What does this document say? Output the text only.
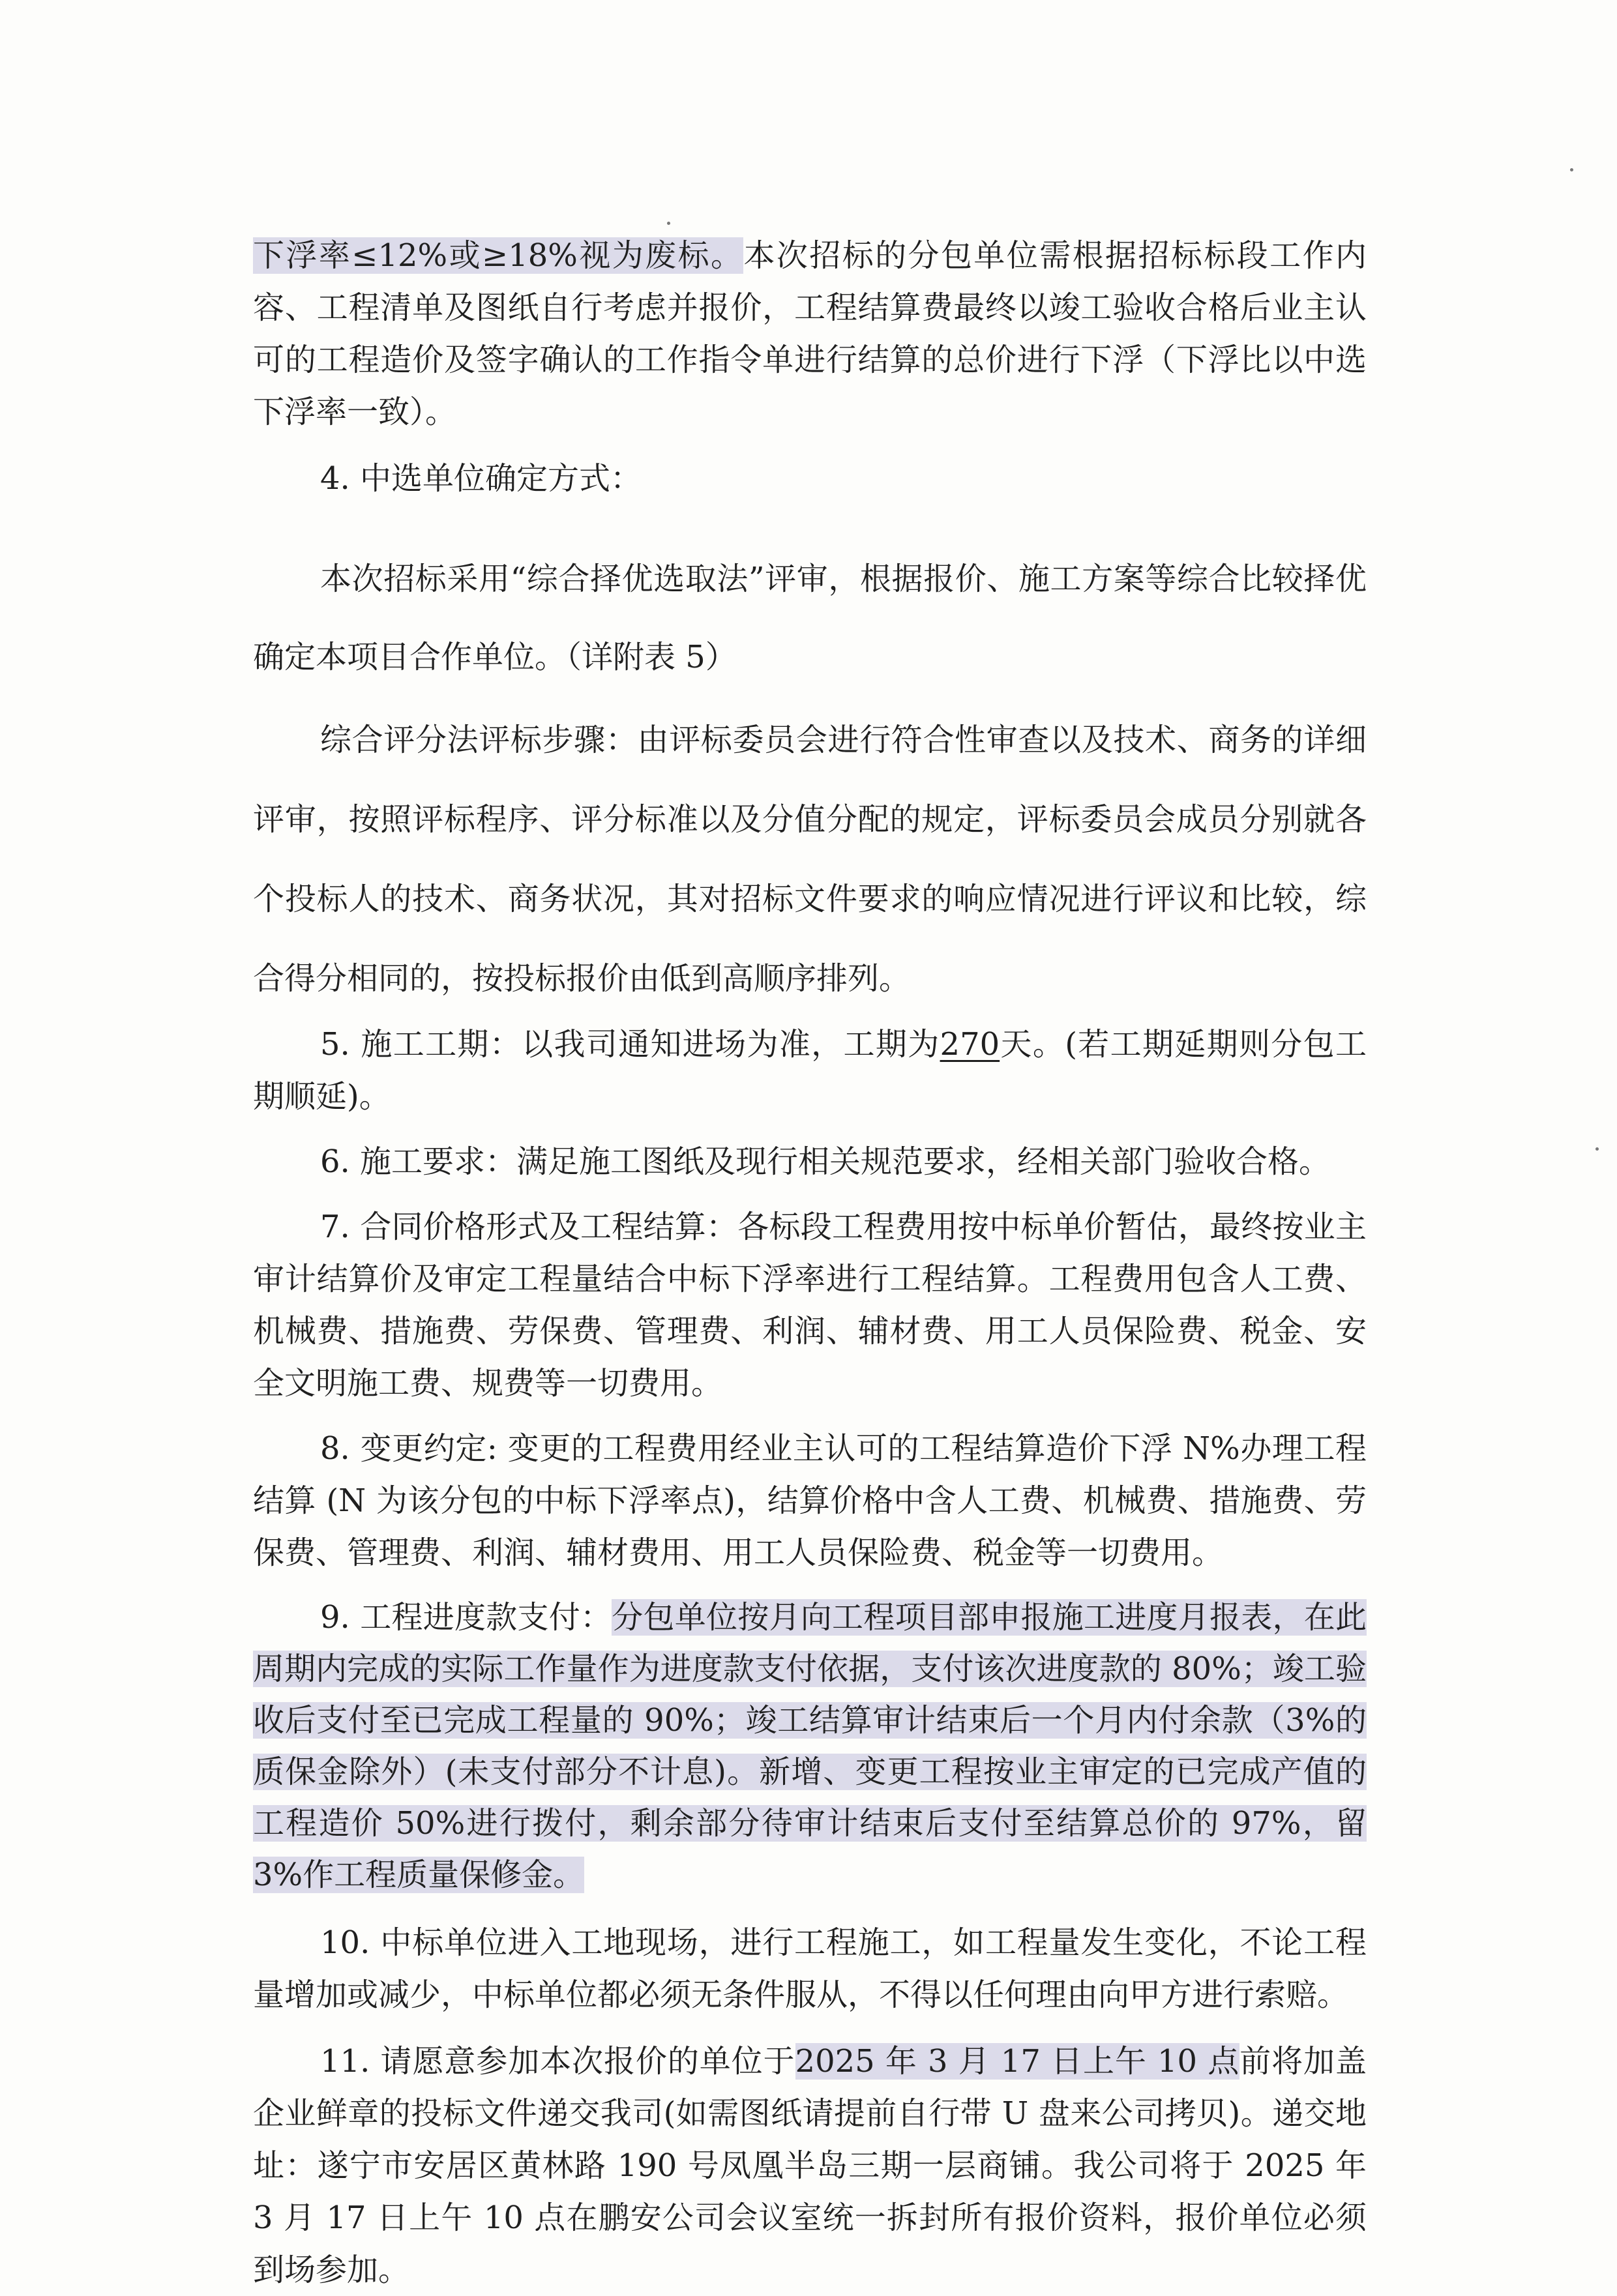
下浮率≤12%或≥18%视为废标。本次招标的分包单位需根据招标标段工作内容、工程清单及图纸自行考虑并报价，工程结算费最终以竣工验收合格后业主认可的工程造价及签字确认的工作指令单进行结算的总价进行下浮（下浮比以中选下浮率一致）。

4. 中选单位确定方式：

本次招标采用“综合择优选取法”评审，根据报价、施工方案等综合比较择优确定本项目合作单位。（详附表 5）

综合评分法评标步骤：由评标委员会进行符合性审查以及技术、商务的详细评审，按照评标程序、评分标准以及分值分配的规定，评标委员会成员分别就各个投标人的技术、商务状况，其对招标文件要求的响应情况进行评议和比较，综合得分相同的，按投标报价由低到高顺序排列。

5. 施工工期：以我司通知进场为准，工期为270天。(若工期延期则分包工期顺延)。

6. 施工要求：满足施工图纸及现行相关规范要求，经相关部门验收合格。

7. 合同价格形式及工程结算：各标段工程费用按中标单价暂估，最终按业主审计结算价及审定工程量结合中标下浮率进行工程结算。工程费用包含人工费、机械费、措施费、劳保费、管理费、利润、辅材费、用工人员保险费、税金、安全文明施工费、规费等一切费用。

8. 变更约定: 变更的工程费用经业主认可的工程结算造价下浮 N%办理工程结算 (N 为该分包的中标下浮率点)，结算价格中含人工费、机械费、措施费、劳保费、管理费、利润、辅材费用、用工人员保险费、税金等一切费用。

9. 工程进度款支付：分包单位按月向工程项目部申报施工进度月报表，在此周期内完成的实际工作量作为进度款支付依据，支付该次进度款的 80%；竣工验收后支付至已完成工程量的 90%；竣工结算审计结束后一个月内付余款（3%的质保金除外）(未支付部分不计息)。新增、变更工程按业主审定的已完成产值的工程造价 50%进行拨付，剩余部分待审计结束后支付至结算总价的 97%，留 3%作工程质量保修金。

10. 中标单位进入工地现场，进行工程施工，如工程量发生变化，不论工程量增加或减少，中标单位都必须无条件服从，不得以任何理由向甲方进行索赔。

11. 请愿意参加本次报价的单位于2025 年 3 月 17 日上午 10 点前将加盖企业鲜章的投标文件递交我司(如需图纸请提前自行带 U 盘来公司拷贝)。递交地址：遂宁市安居区黄林路 190 号凤凰半岛三期一层商铺。我公司将于 2025 年 3 月 17 日上午 10 点在鹏安公司会议室统一拆封所有报价资料，报价单位必须到场参加。
